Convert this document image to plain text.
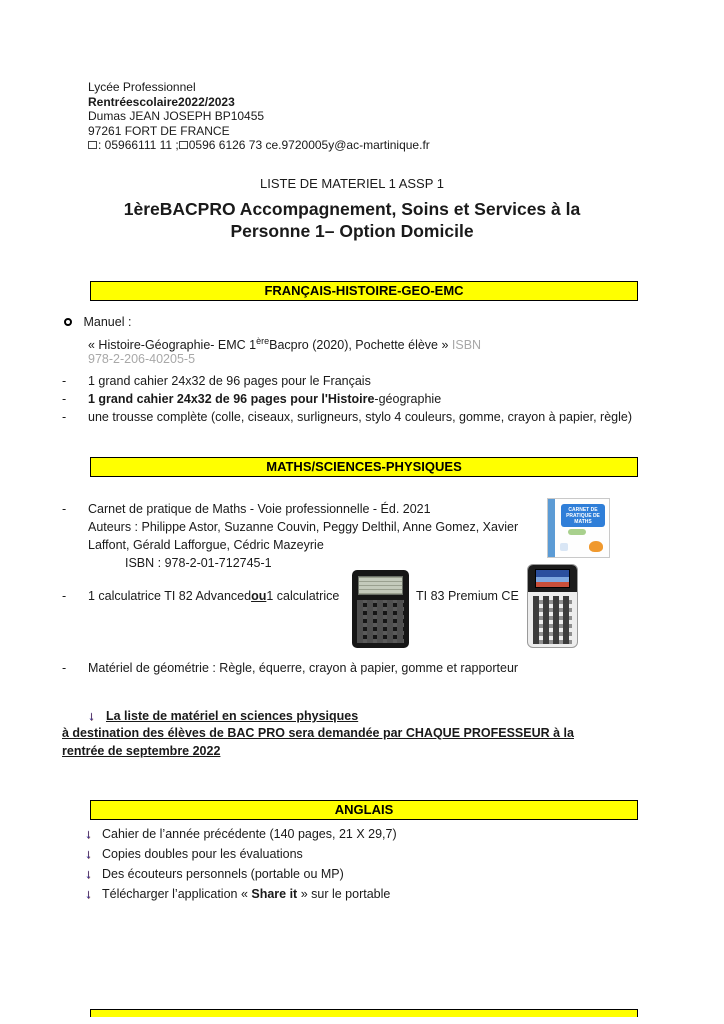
Lycée Professionnel
Rentréescolaire2022/2023
Dumas JEAN JOSEPH BP10455
97261 FORT DE FRANCE
: 05966111 11 ; 0596 6126 73 ce.9720005y@ac-martinique.fr
LISTE DE MATERIEL 1 ASSP 1
1èreBACPRO Accompagnement, Soins et Services à la
Personne 1– Option Domicile
FRANÇAIS-HISTOIRE-GEO-EMC
Manuel :
« Histoire-Géographie- EMC 1èreBacpro (2020), Pochette élève » ISBN
978-2-206-40205-5
- 1 grand cahier 24x32 de 96 pages pour le Français
- 1 grand cahier 24x32 de 96 pages pour l'Histoire-géographie
- une trousse complète (colle, ciseaux, surligneurs, stylo 4 couleurs, gomme, crayon à papier, règle)
MATHS/SCIENCES-PHYSIQUES
- Carnet de pratique de Maths - Voie professionnelle - Éd. 2021
Auteurs : Philippe Astor, Suzanne Couvin, Peggy Delthil, Anne Gomez, Xavier
Laffont, Gérald Lafforgue, Cédric Mazeyrie
ISBN : 978-2-01-712745-1
CARNET DE PRATIQUE DE MATHS
- 1 calculatrice TI 82 Advancedou1 calculatrice	TI 83 Premium CE
- Matériel de géométrie : Règle, équerre, crayon à papier, gomme et rapporteur
↓ La liste de matériel en sciences physiques
à destination des élèves de BAC PRO sera demandée par CHAQUE PROFESSEUR à la
rentrée de septembre 2022
ANGLAIS
↓ Cahier de l’année précédente (140 pages, 21 X 29,7)
↓ Copies doubles pour les évaluations
↓ Des écouteurs personnels (portable ou MP)
↓ Télécharger l’application « Share it » sur le portable
